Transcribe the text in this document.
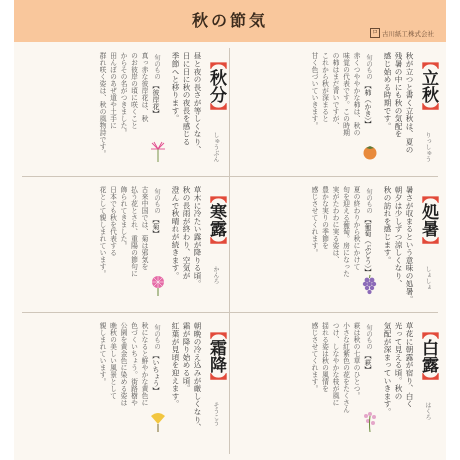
秋の節気
ロ 古川紙工株式会社
【立秋】
りっしゅう
秋が立つと書く立秋は、夏の
残暑の中にも秋の気配を
感じ始める時期です。
旬のもの
【柿（かき）】
赤くつややかな柿は、秋の
味覚の代表です。この時期
の柿はまだ青いですが、
これから秋が深まると
甘く色づいていきます。
【秋分】
しゅうぶん
昼と夜の長さが等しくなり、
日に日に秋の夜長を感じる
季節へと移ります。
旬のもの
【彼岸花】
真っ赤な彼岸花は、秋
のお彼岸の頃に咲くこと
からその名がつきました。
田んぼのあぜ道や土手に
群れ咲く姿は、秋の風物詩です。
【処暑】
しょしょ
暑さが収まるという意味の処暑。
朝夕は少しずつ涼しくなり、
秋の訪れを感じます。
旬のもの
【葡萄（ぶどう）】
夏の終わりから秋にかけて
旬を迎える葡萄。房になった
実がたわわに実る姿は、
豊かな実りの季節を
感じさせてくれます。
【寒露】
かんろ
草木に冷たい露が降りる頃。
秋の長雨が終わり、空気が
澄んで秋晴れが続きます。
旬のもの
【菊】
古来中国では、菊は邪気を
払う花とされ、重陽の節句に
飾られてきました。
日本でも秋を代表する
花として親しまれています。
【白露】
はくろ
草花に朝露が宿り、白く
光って見える頃。秋の
気配が深まっていきます。
旬のもの
【萩】
萩は秋の七草のひとつ。
小さな紅紫色の花をたくさん
つけ、しなやかな枝が風に
揺れる姿は秋の風情を
感じさせてくれます。
【霜降】
そうこう
朝晩の冷え込みが厳しくなり、
霜が降り始める頃。
紅葉が見頃を迎えます。
旬のもの
【いちょう】
秋になると鮮やかな黄色に
色づくいちょう。街路樹や
公園を黄金色に染める姿は
晩秋の美しい風景として
親しまれています。
